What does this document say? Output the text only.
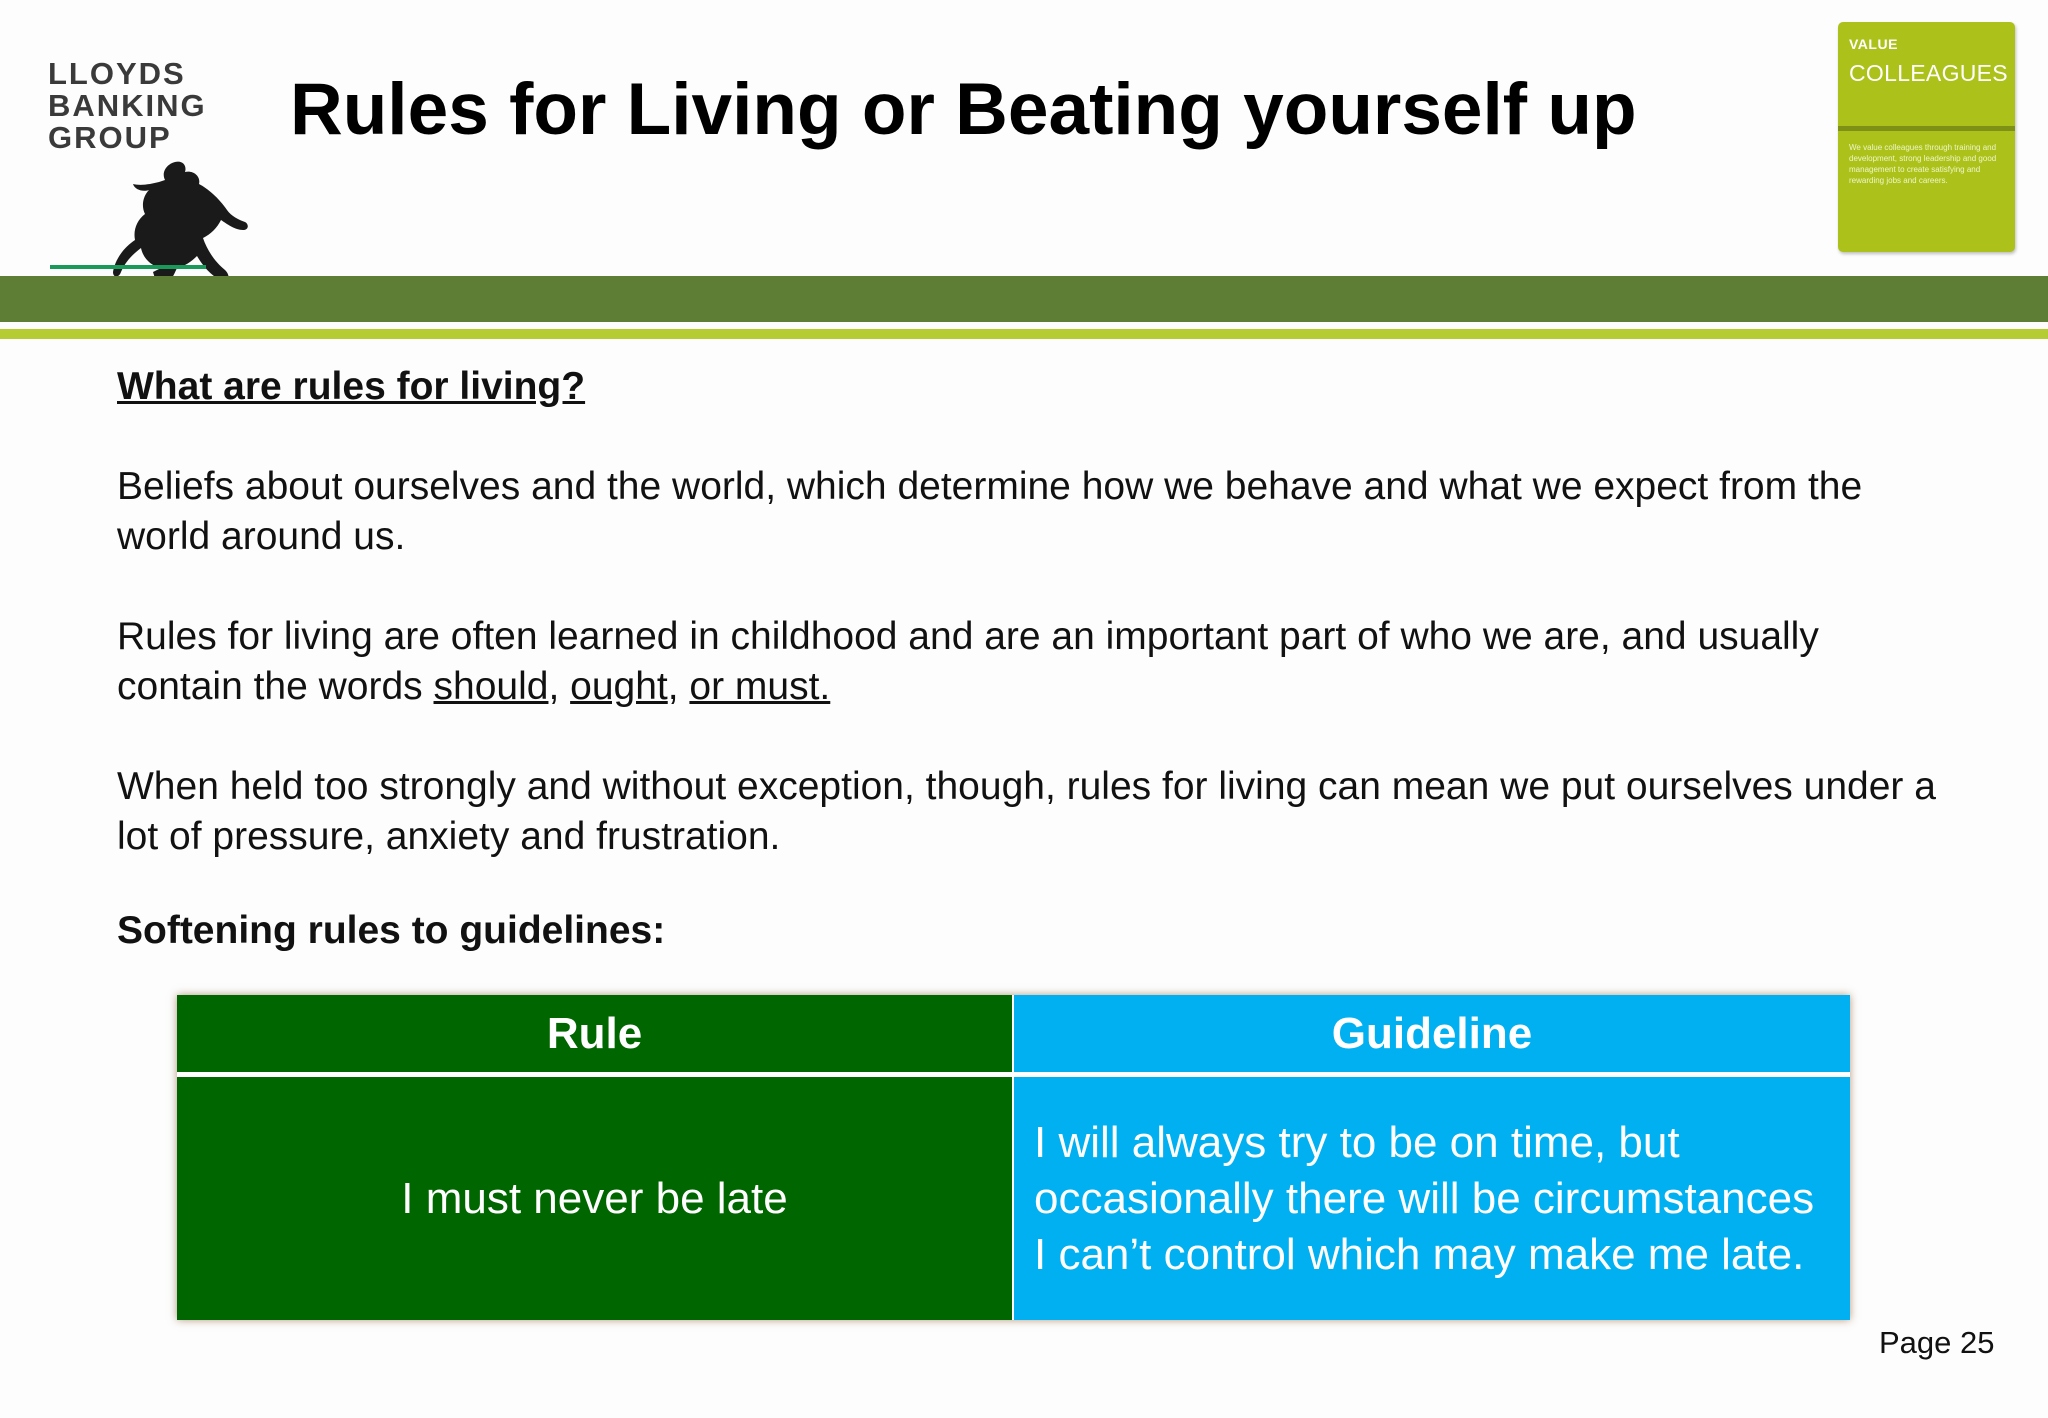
LLOYDS
BANKING
GROUP	Rules for Living or Beating yourself up
VALUE
COLLEAGUES
We value colleagues through training and development, strong leadership and good management to create satisfying and rewarding jobs and careers.

What are rules for living?

Beliefs about ourselves and the world, which determine how we behave and what we expect from the world around us.

Rules for living are often learned in childhood and are an important part of who we are, and usually contain the words should, ought, or must.

When held too strongly and without exception, though, rules for living can mean we put ourselves under a lot of pressure, anxiety and frustration.

Softening rules to guidelines:

Rule	Guideline
I must never be late	I will always try to be on time, but occasionally there will be circumstances I can’t control which may make me late.
Page 25
